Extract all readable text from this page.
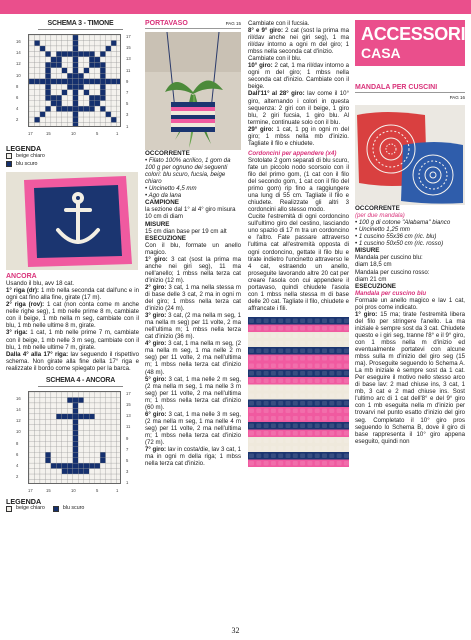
SCHEMA 3 - TIMONE
16
14
12
10
8
6
4
2
17
15
13
11
9
7
5
3
1
17	15	10	5	1
LEGENDA
beige chiaro
blu scuro

ANCORA

Usando il blu, avv 18 cat.

1° riga (dr): 1 mb nella seconda cat dall'unc e in ogni cat fino alla fine, girate (17 m).

2° riga (rov): 1 cat (non conta come m anche nelle righe seg), 1 mb nelle prime 8 m, cambiate con il beige, 1 mb nella m seg, cambiate con il blu, 1 mb nelle ultime 8 m, girate.

3° riga: 1 cat, 1 mb nelle prime 7 m, cambiate con il beige, 1 mb nelle 3 m seg, cambiate con il blu, 1 mb nelle ultime 7 m, girate.

Dalla 4° alla 17° riga: lav seguendo il rispettivo schema. Non girate alla fine della 17° riga e realizzate il bordo come spiegato per la barca.

SCHEMA 4 - ANCORA
16
14
12
10
8
6
4
2
17
15
13
11
9
7
5
3
1
17	15	10	5	1
LEGENDA
beige chiaro	blu scuro
PORTAVASO	PAG 15

OCCORRENTE

• Filato 100% acrilico, 1 gom da 100 g per ognuno dei seguenti colori: blu scuro, fucsia, beige chiaro

• Uncinetto 4,5 mm

• Ago da lana

CAMPIONE

la sezione dal 1° al 4° giro misura 10 cm di diam

MISURE

15 cm dian base per 19 cm alt

ESECUZIONE

Con il blu, formate un anello magico.

1° giro: 3 cat (sost la prima ma anche nei giri seg), 11 ma nell'anello; 1 mbss nella terza cat d'inizio (12 m).

2° giro: 3 cat, 1 ma nella stessa m di base delle 3 cat, 2 ma in ogni m del giro; 1 mbss nella terza cat d'inizio (24 m).

3° giro: 3 cat, (2 ma nella m seg, 1 ma nella m seg) per 11 volte, 2 ma nell'ultima m; 1 mbss nella terza cat d'inizio (36 m).

4° giro: 3 cat, 1 ma nella m seg, (2 ma nella m seg, 1 ma nelle 2 m seg) per 11 volte, 2 ma nell'ultima m; 1 mbss nella terza cat d'inizio (48 m).

5° giro: 3 cat, 1 ma nelle 2 m seg, (2 ma nella m seg, 1 ma nelle 3 m seg) per 11 volte, 2 ma nell'ultima m; 1 mbss nella terza cat d'inizio (60 m).

6° giro: 3 cat, 1 ma nelle 3 m seg, (2 ma nella m seg, 1 ma nelle 4 m seg) per 11 volte, 2 ma nell'ultima m; 1 mbss nella terza cat d'inizio (72 m).

7° giro: lav in costa/die, lav 3 cat, 1 ma in ogni m della riga; 1 mbss nella terza cat d'inizio.

Cambiate con il fucsia.

8° e 9° giro: 2 cat (sost la prima ma ril/dav anche nei giri seg), 1 ma ril/dav intorno a ogni m del giro; 1 mbss nella seconda cat d'inizio.

Cambiate con il blu.

10° giro: 2 cat, 1 ma ril/dav intorno a ogni m del giro; 1 mbss nella seconda cat d'inizio. Cambiate con il beige.

Dall'11° al 28° giro: lav come il 10° giro, alternando i colori in questa sequenza: 2 giri con il beige, 1 giro blu, 2 giri fucsia, 1 giro blu. Al termine, continuate solo con il blu.

29° giro: 1 cat, 1 pg in ogni m del giro; 1 mbss nella mb d'inizio. Tagliate il filo e chiudete.

Cordoncini per appendere (x4)

Srotolate 2 gom separati di blu scuro, fate un piccolo nodo scorsoio con il filo del primo gom, (1 cat con il filo del secondo gom, 1 cat con il filo del primo gom) rip fino a raggiungere una lung di 55 cm. Tagliate il filo e chiudete. Realizzate gli altri 3 cordoncini allo stesso modo.

Cucite l'estremità di ogni cordoncino sull'ultimo giro del cestino, lasciando uno spazio di 17 m tra un cordoncino e l'altro. Fate passare attraverso l'ultima cat all'estremità opposta di ogni cordoncino, gettate il filo blu e tirate indietro l'uncinetto attraverso le 4 cat, estraendo un anello, proseguite lavorando altre 20 cat per creare l'asola con cui appendere il portavaso, quindi chiudete l'asola con 1 mbss nella stessa m di base delle 20 cat. Tagliate il filo, chiudete e affrancate i fili.

ACCESSORI
CASA
MANDALA PER CUSCINI
PAG 16

OCCORRENTE

(per due mandala)

• 100 g di cotone "Alabama" bianco

• Uncinetto 1,25 mm

• 1 cuscino 55x36 cm (ric. blu)

• 1 cuscino 50x50 cm (ric. rosso)

MISURE

Mandala per cuscino blu:

diam 18,5 cm

Mandala per cuscino rosso:

diam 21 cm

ESECUZIONE

Mandala per cuscino blu

Formate un anello magico e lav 1 cat, poi pros come indicato.

1° giro: 15 ma; tirate l'estremità libera del filo per stringere l'anello. La ma iniziale è sempre sost da 3 cat. Chiudete questo e i giri seg, tranne l'8° e il 9° giro, con 1 mbss nella m d'inizio ed eventualmente portatevi con alcune mbss sulla m d'inizio del giro seg (15 ma). Proseguite seguendo lo Schema A. La mb iniziale è sempre sost da 1 cat. Per eseguire il motivo nello stesso arco di base lav: 2 mad chiuse ins, 3 cat, 1 mb, 3 cat e 2 mad chiuse ins. Sost l'ultimo arc di 1 cat dell'8° e del 9° giro con 1 mb eseguita nella m d'inizio per trovarvi nel punto esatto d'inizio del giro seg. Completato il 10° giro pros seguendo lo Schema B, dove il giro di base rappresenta il 10° giro appena eseguito, quindi non

32
